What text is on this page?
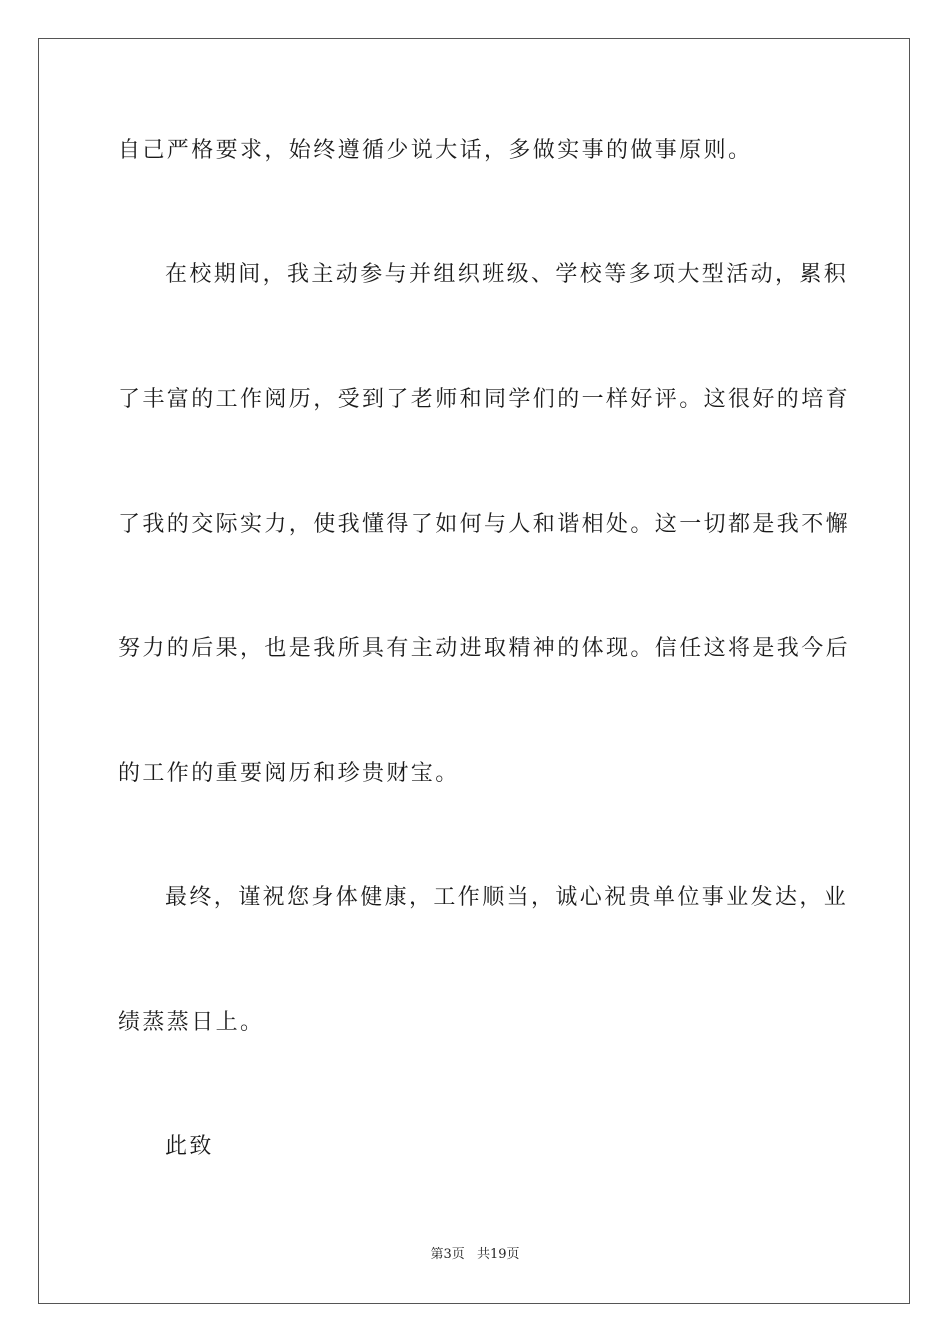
自己严格要求，始终遵循少说大话，多做实事的做事原则。
在校期间，我主动参与并组织班级、学校等多项大型活动，累积
了丰富的工作阅历，受到了老师和同学们的一样好评。这很好的培育
了我的交际实力，使我懂得了如何与人和谐相处。这一切都是我不懈
努力的后果，也是我所具有主动进取精神的体现。信任这将是我今后
的工作的重要阅历和珍贵财宝。
最终，谨祝您身体健康，工作顺当，诚心祝贵单位事业发达，业
绩蒸蒸日上。
此致
第3页 共19页
